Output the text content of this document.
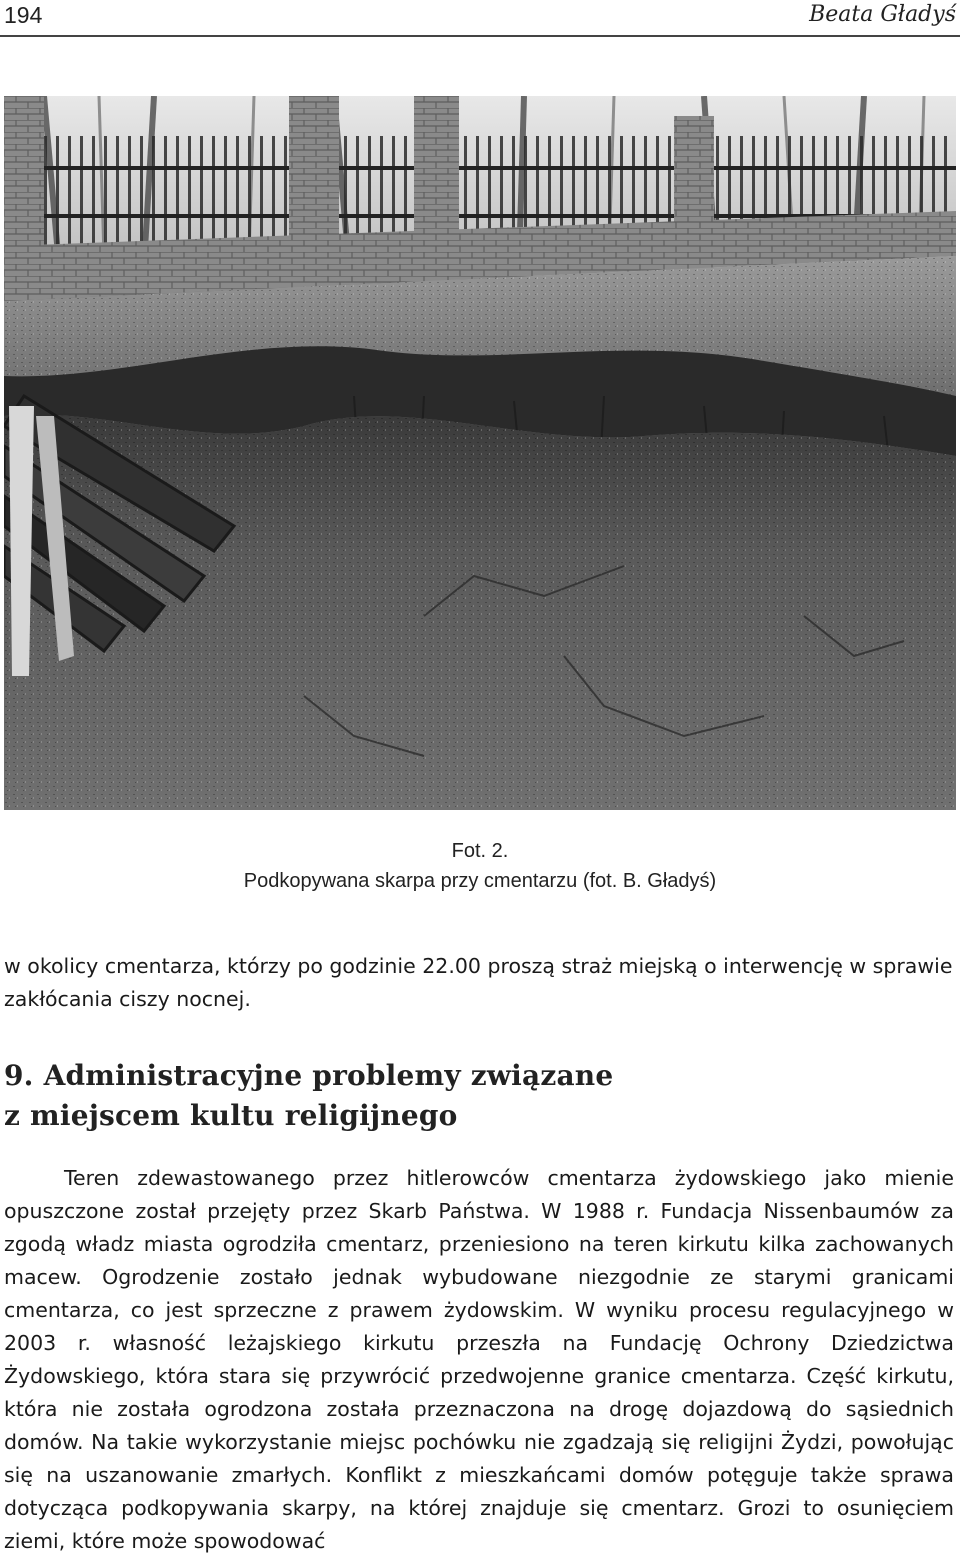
194	Beata Gładyś
Fot. 2.
Podkopywana skarpa przy cmentarzu (fot. B. Gładyś)

w okolicy cmentarza, którzy po godzinie 22.00 proszą straż miejską o interwencję w sprawie zakłócania ciszy nocnej.

9. Administracyjne problemy związane
z miejscem kultu religijnego

Teren zdewastowanego przez hitlerowców cmentarza żydowskiego jako mienie opuszczone został przejęty przez Skarb Państwa. W 1988 r. Fundacja Nissenbaumów za zgodą władz miasta ogrodziła cmentarz, przeniesiono na teren kirkutu kilka zachowanych macew. Ogrodzenie zostało jednak wybudowane niezgodnie ze starymi granicami cmentarza, co jest sprzeczne z prawem żydowskim. W wyniku procesu regulacyjnego w 2003 r. własność leżajskiego kirkutu przeszła na Fundację Ochrony Dziedzictwa Żydowskiego, która stara się przywrócić przedwojenne granice cmentarza. Część kirkutu, która nie została ogrodzona została przeznaczona na drogę dojazdową do sąsiednich domów. Na takie wykorzystanie miejsc pochówku nie zgadzają się religijni Żydzi, powołując się na uszanowanie zmarłych. Konflikt z mieszkańcami domów potęguje także sprawa dotycząca podkopywania skarpy, na której znajduje się cmentarz. Grozi to osunięciem ziemi, które może spowodować
